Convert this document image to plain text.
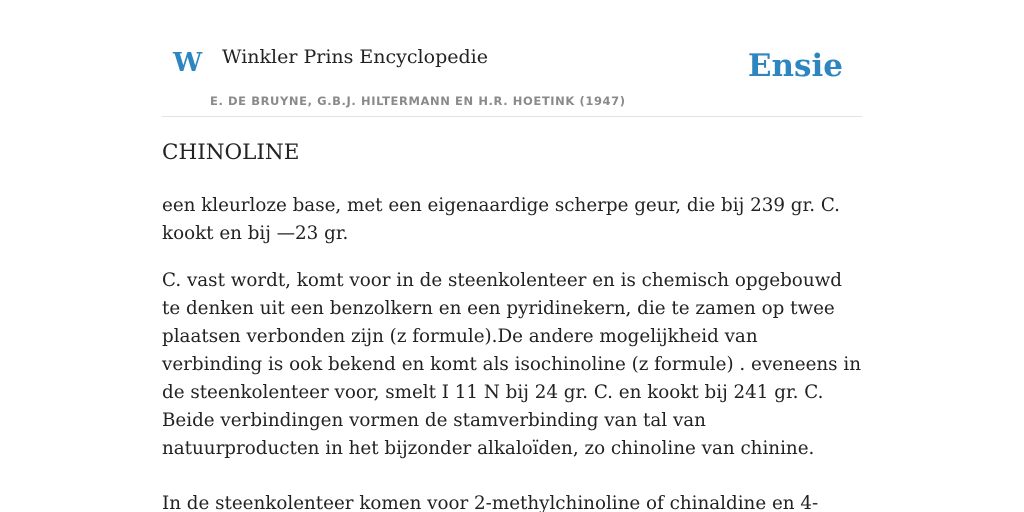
W Winkler Prins Encyclopedie
E. DE BRUYNE, G.B.J. HILTERMANN EN H.R. HOETINK (1947)
Ensie
CHINOLINE

een kleurloze base, met een eigenaardige scherpe geur, die bij 239 gr. C. kookt en bij —23 gr.

C. vast wordt, komt voor in de steenkolenteer en is chemisch opgebouwd te denken uit een benzolkern en een pyridinekern, die te zamen op twee plaatsen verbonden zijn (z formule).De andere mogelijkheid van verbinding is ook bekend en komt als isochinoline (z formule) . eveneens in de steenkolenteer voor, smelt I 11 N bij 24 gr. C. en kookt bij 241 gr. C. Beide verbindingen vormen de stamverbinding van tal van natuurproducten in het bijzonder alkaloïden, zo chinoline van chinine.

In de steenkolenteer komen voor 2-methylchinoline of chinaldine en 4-
